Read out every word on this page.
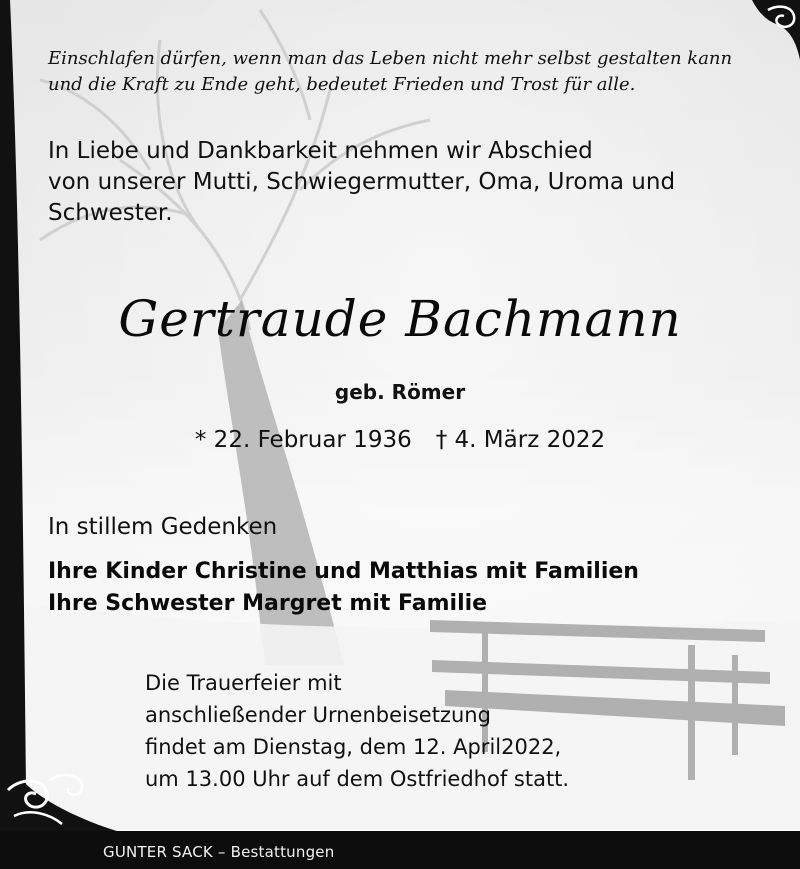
Einschlafen dürfen, wenn man das Leben nicht mehr selbst gestalten kann
und die Kraft zu Ende geht, bedeutet Frieden und Trost für alle.
In Liebe und Dankbarkeit nehmen wir Abschied
von unserer Mutti, Schwiegermutter, Oma, Uroma und
Schwester.
Gertraude Bachmann
geb. Römer
* 22. Februar 1936 † 4. März 2022
In stillem Gedenken
Ihre Kinder Christine und Matthias mit Familien
Ihre Schwester Margret mit Familie
Die Trauerfeier mit
anschließender Urnenbeisetzung
findet am Dienstag, dem 12. April2022,
um 13.00 Uhr auf dem Ostfriedhof statt.
GUNTER SACK – Bestattungen
